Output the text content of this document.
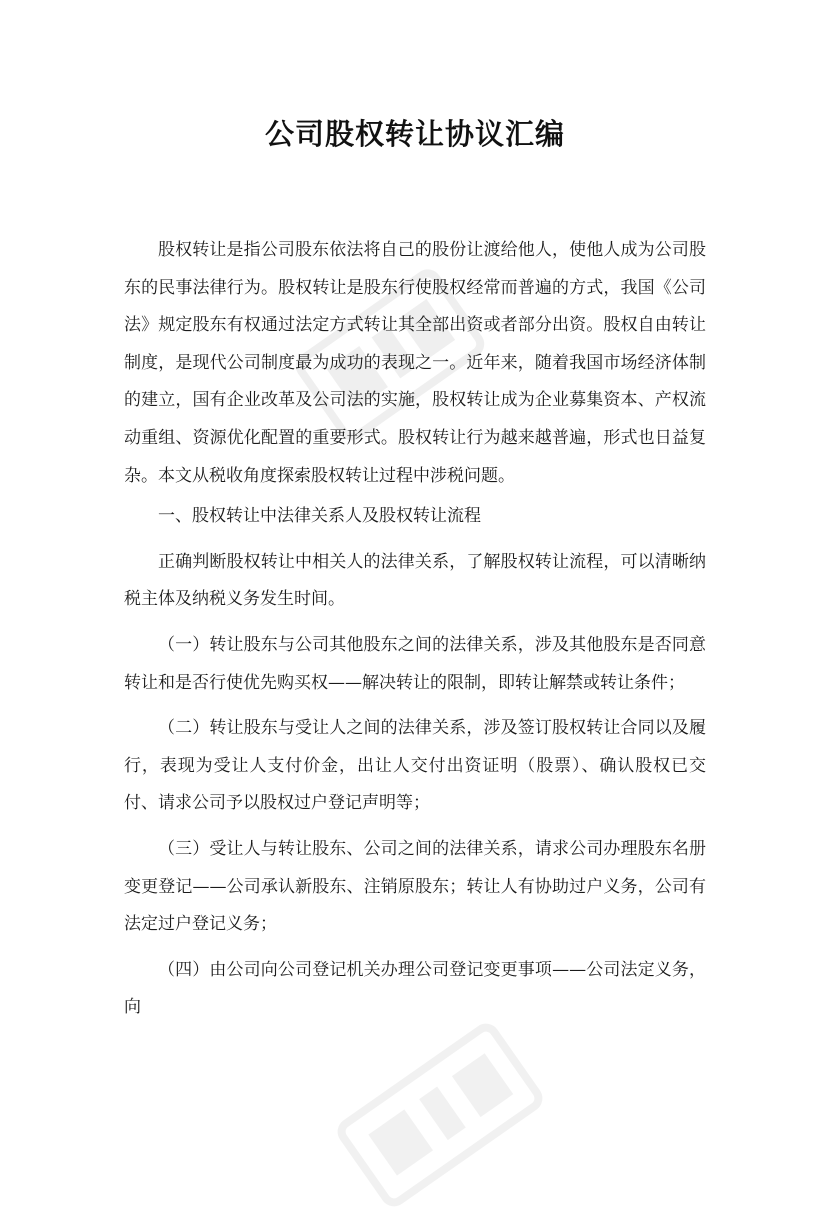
公司股权转让协议汇编

股权转让是指公司股东依法将自己的股份让渡给他人，使他人成为公司股东的民事法律行为。股权转让是股东行使股权经常而普遍的方式，我国《公司法》规定股东有权通过法定方式转让其全部出资或者部分出资。股权自由转让制度，是现代公司制度最为成功的表现之一。近年来，随着我国市场经济体制的建立，国有企业改革及公司法的实施，股权转让成为企业募集资本、产权流动重组、资源优化配置的重要形式。股权转让行为越来越普遍，形式也日益复杂。本文从税收角度探索股权转让过程中涉税问题。

一、股权转让中法律关系人及股权转让流程

正确判断股权转让中相关人的法律关系，了解股权转让流程，可以清晰纳税主体及纳税义务发生时间。

（一）转让股东与公司其他股东之间的法律关系，涉及其他股东是否同意转让和是否行使优先购买权——解决转让的限制，即转让解禁或转让条件；

（二）转让股东与受让人之间的法律关系，涉及签订股权转让合同以及履行，表现为受让人支付价金，出让人交付出资证明（股票）、确认股权已交付、请求公司予以股权过户登记声明等；

（三）受让人与转让股东、公司之间的法律关系，请求公司办理股东名册变更登记——公司承认新股东、注销原股东；转让人有协助过户义务，公司有法定过户登记义务；

（四）由公司向公司登记机关办理公司登记变更事项——公司法定义务，向
